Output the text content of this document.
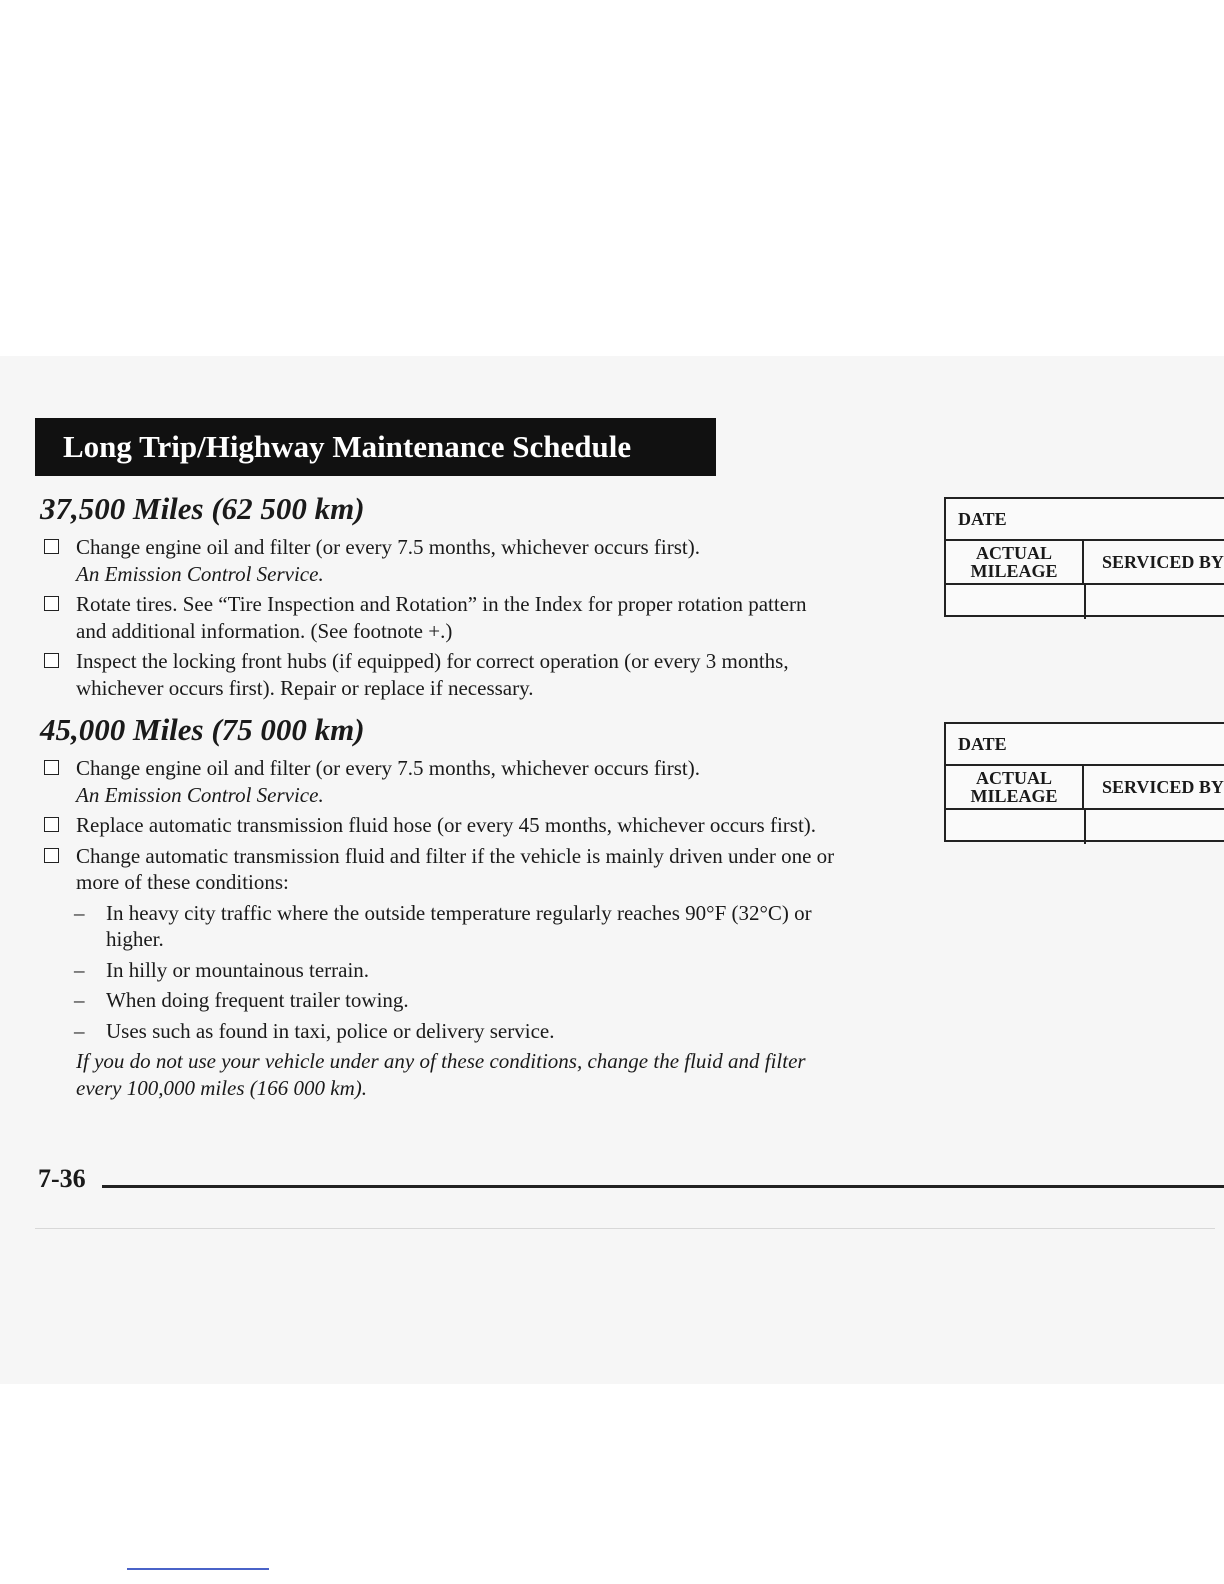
Long Trip/Highway Maintenance Schedule
37,500 Miles (62 500 km)
Change engine oil and filter (or every 7.5 months, whichever occurs first).
An Emission Control Service.
Rotate tires. See “Tire Inspection and Rotation” in the Index for proper rotation pattern and additional information. (See footnote +.)
Inspect the locking front hubs (if equipped) for correct operation (or every 3 months, whichever occurs first). Repair or replace if necessary.
45,000 Miles (75 000 km)
Change engine oil and filter (or every 7.5 months, whichever occurs first).
An Emission Control Service.
Replace automatic transmission fluid hose (or every 45 months, whichever occurs first).
Change automatic transmission fluid and filter if the vehicle is mainly driven under one or more of these conditions:
– In heavy city traffic where the outside temperature regularly reaches 90°F (32°C) or higher.
– In hilly or mountainous terrain.
– When doing frequent trailer towing.
– Uses such as found in taxi, police or delivery service.
If you do not use your vehicle under any of these conditions, change the fluid and filter every 100,000 miles (166 000 km).
DATE
ACTUAL MILEAGE	SERVICED BY
DATE
ACTUAL MILEAGE	SERVICED BY
7-36
